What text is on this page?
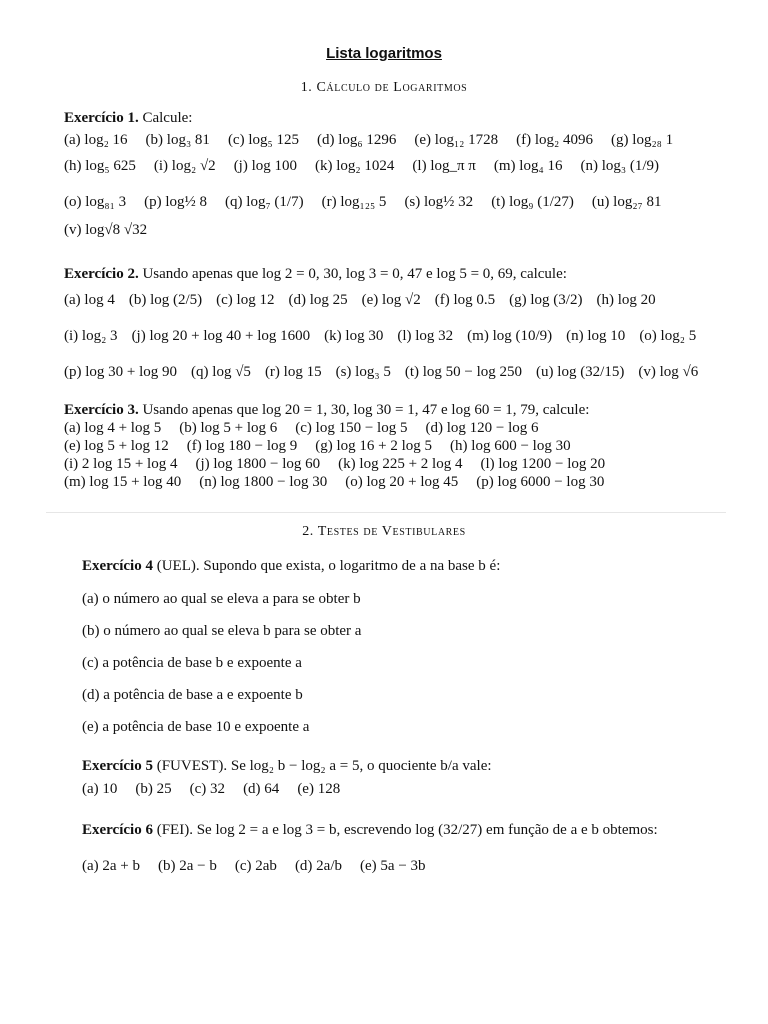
Lista logaritmos
1. Cálculo de Logaritmos
Exercício 1. Calcule:
(a) log₂ 16 (b) log₃ 81 (c) log₅ 125 (d) log₆ 1296 (e) log₁₂ 1728 (f) log₂ 4096 (g) log₂₈ 1
(h) log₅ 625 (i) log₂ √2 (j) log 100 (k) log₂ 1024 (l) log_π π (m) log₄ 16 (n) log₃ (1/9)
(o) log₈₁ 3 (p) log½ 8 (q) log₇ (1/7) (r) log₁₂₅ 5 (s) log½ 32 (t) log₉ (1/27) (u) log₂₇ 81
(v) log√8 √32
Exercício 2. Usando apenas que log 2 = 0, 30, log 3 = 0, 47 e log 5 = 0, 69, calcule:
(a) log 4 (b) log (2/5) (c) log 12 (d) log 25 (e) log √2 (f) log 0.5 (g) log (3/2) (h) log 20
(i) log₂ 3 (j) log 20 + log 40 + log 1600 (k) log 30 (l) log 32 (m) log (10/9) (n) log 10 (o) log₂ 5
(p) log 30 + log 90 (q) log √5 (r) log 15 (s) log₃ 5 (t) log 50 − log 250 (u) log (32/15) (v) log √6
Exercício 3. Usando apenas que log 20 = 1, 30, log 30 = 1, 47 e log 60 = 1, 79, calcule:
(a) log 4 + log 5 (b) log 5 + log 6 (c) log 150 − log 5 (d) log 120 − log 6
(e) log 5 + log 12 (f) log 180 − log 9 (g) log 16 + 2 log 5 (h) log 600 − log 30
(i) 2 log 15 + log 4 (j) log 1800 − log 60 (k) log 225 + 2 log 4 (l) log 1200 − log 20
(m) log 15 + log 40 (n) log 1800 − log 30 (o) log 20 + log 45 (p) log 6000 − log 30
2. Testes de Vestibulares
Exercício 4 (UEL). Supondo que exista, o logaritmo de a na base b é:
(a) o número ao qual se eleva a para se obter b
(b) o número ao qual se eleva b para se obter a
(c) a potência de base b e expoente a
(d) a potência de base a e expoente b
(e) a potência de base 10 e expoente a
Exercício 5 (FUVEST). Se log₂ b − log₂ a = 5, o quociente b/a vale:
(a) 10 (b) 25 (c) 32 (d) 64 (e) 128
Exercício 6 (FEI). Se log 2 = a e log 3 = b, escrevendo log (32/27) em função de a e b obtemos:
(a) 2a + b (b) 2a − b (c) 2ab (d) 2a/b (e) 5a − 3b
